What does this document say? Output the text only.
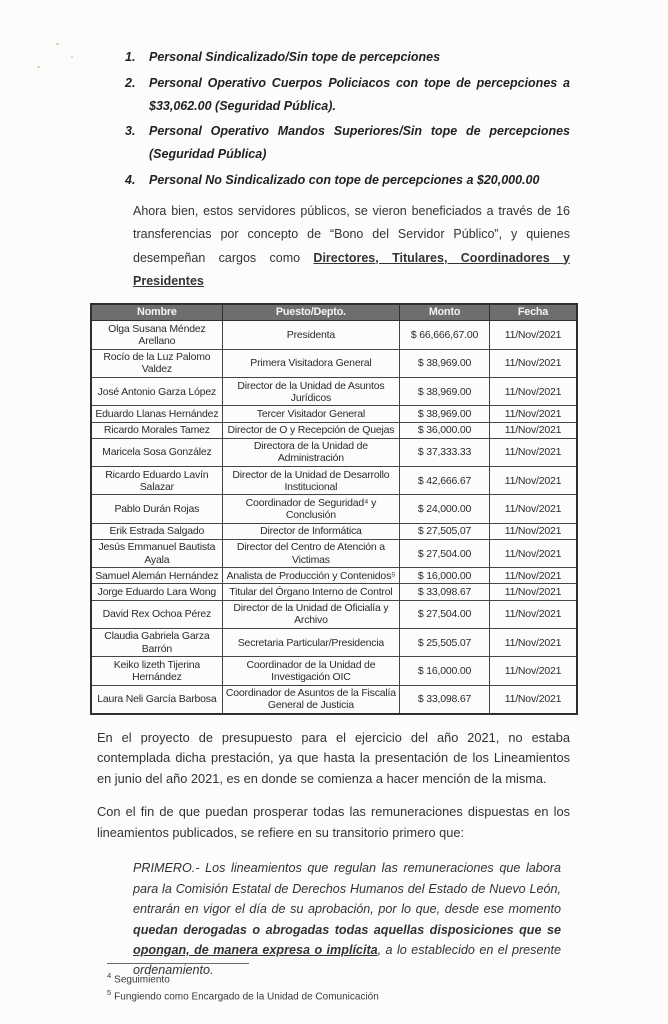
1. Personal Sindicalizado/Sin tope de percepciones
2. Personal Operativo Cuerpos Policiacos con tope de percepciones a $33,062.00 (Seguridad Pública).
3. Personal Operativo Mandos Superiores/Sin tope de percepciones (Seguridad Pública)
4. Personal No Sindicalizado con tope de percepciones a $20,000.00

Ahora bien, estos servidores públicos, se vieron beneficiados a través de 16 transferencias por concepto de “Bono del Servidor Público”, y quienes desempeñan cargos como Directores, Titulares, Coordinadores y Presidentes

Nombre	Puesto/Depto.	Monto	Fecha
Olga Susana Méndez Arellano	Presidenta	$ 66,666,67.00	11/Nov/2021
Rocío de la Luz Palomo Valdez	Primera Visitadora General	$ 38,969.00	11/Nov/2021
José Antonio Garza López	Director de la Unidad de Asuntos Jurídicos	$ 38,969.00	11/Nov/2021
Eduardo Llanas Hernández	Tercer Visitador General	$ 38,969.00	11/Nov/2021
Ricardo Morales Tamez	Director de O y Recepción de Quejas	$ 36,000.00	11/Nov/2021
Maricela Sosa González	Directora de la Unidad de Administración	$ 37,333.33	11/Nov/2021
Ricardo Eduardo Lavín Salazar	Director de la Unidad de Desarrollo Institucional	$ 42,666.67	11/Nov/2021
Pablo Durán Rojas	Coordinador de Seguridad⁴ y Conclusión	$ 24,000.00	11/Nov/2021
Erik Estrada Salgado	Director de Informática	$ 27,505,07	11/Nov/2021
Jesús Emmanuel Bautista Ayala	Director del Centro de Atención a Victimas	$ 27,504.00	11/Nov/2021
Samuel Alemán Hernández	Analista de Producción y Contenidos⁵	$ 16,000.00	11/Nov/2021
Jorge Eduardo Lara Wong	Titular del Órgano Interno de Control	$ 33,098.67	11/Nov/2021
David Rex Ochoa Pérez	Director de la Unidad de Oficialía y Archivo	$ 27,504.00	11/Nov/2021
Claudia Gabriela Garza Barrón	Secretaria Particular/Presidencia	$ 25,505.07	11/Nov/2021
Keiko lizeth Tijerina Hernández	Coordinador de la Unidad de Investigación OIC	$ 16,000.00	11/Nov/2021
Laura Neli García Barbosa	Coordinador de Asuntos de la Fiscalía General de Justicia	$ 33,098.67	11/Nov/2021

En el proyecto de presupuesto para el ejercicio del año 2021, no estaba contemplada dicha prestación, ya que hasta la presentación de los Lineamientos en junio del año 2021, es en donde se comienza a hacer mención de la misma.

Con el fin de que puedan prosperar todas las remuneraciones dispuestas en los lineamientos publicados, se refiere en su transitorio primero que:

PRIMERO.- Los lineamientos que regulan las remuneraciones que labora para la Comisión Estatal de Derechos Humanos del Estado de Nuevo León, entrarán en vigor el día de su aprobación, por lo que, desde ese momento quedan derogadas o abrogadas todas aquellas disposiciones que se opongan, de manera expresa o implícita, a lo establecido en el presente ordenamiento.

$^4$ Seguimiento
$^5$ Fungiendo como Encargado de la Unidad de Comunicación
